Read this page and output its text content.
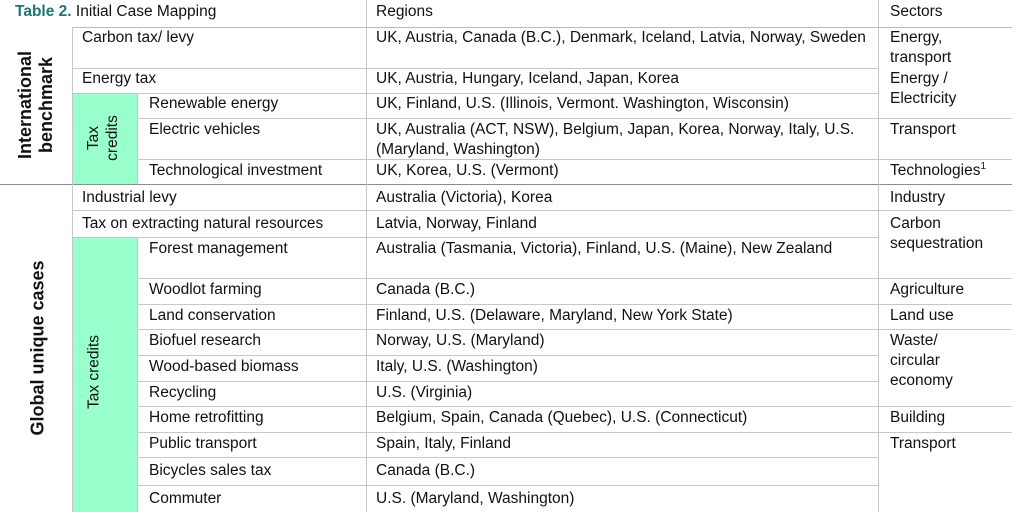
Table 2. Initial Case Mapping	Regions	Sectors
International benchmark
Global unique cases
Tax credits
Tax credits
Carbon tax/ levy
Energy tax
Renewable energy
Electric vehicles
Technological investment
Industrial levy
Tax on extracting natural resources
Forest management
Woodlot farming
Land conservation
Biofuel research
Wood-based biomass
Recycling
Home retrofitting
Public transport
Bicycles sales tax
Commuter
UK, Austria, Canada (B.C.), Denmark, Iceland, Latvia, Norway, Sweden
UK, Austria, Hungary, Iceland, Japan, Korea
UK, Finland, U.S. (Illinois, Vermont. Washington, Wisconsin)
UK, Australia (ACT, NSW), Belgium, Japan, Korea, Norway, Italy, U.S. (Maryland, Washington)
UK, Korea, U.S. (Vermont)
Australia (Victoria), Korea
Latvia, Norway, Finland
Australia (Tasmania, Victoria), Finland, U.S. (Maine), New Zealand
Canada (B.C.)
Finland, U.S. (Delaware, Maryland, New York State)
Norway, U.S. (Maryland)
Italy, U.S. (Washington)
U.S. (Virginia)
Belgium, Spain, Canada (Quebec), U.S. (Connecticut)
Spain, Italy, Finland
Canada (B.C.)
U.S. (Maryland, Washington)
Energy, transport
Energy / Electricity
Transport
Technologies$^1$
Industry
Carbon sequestration
Agriculture
Land use
Waste/ circular economy
Building
Transport
